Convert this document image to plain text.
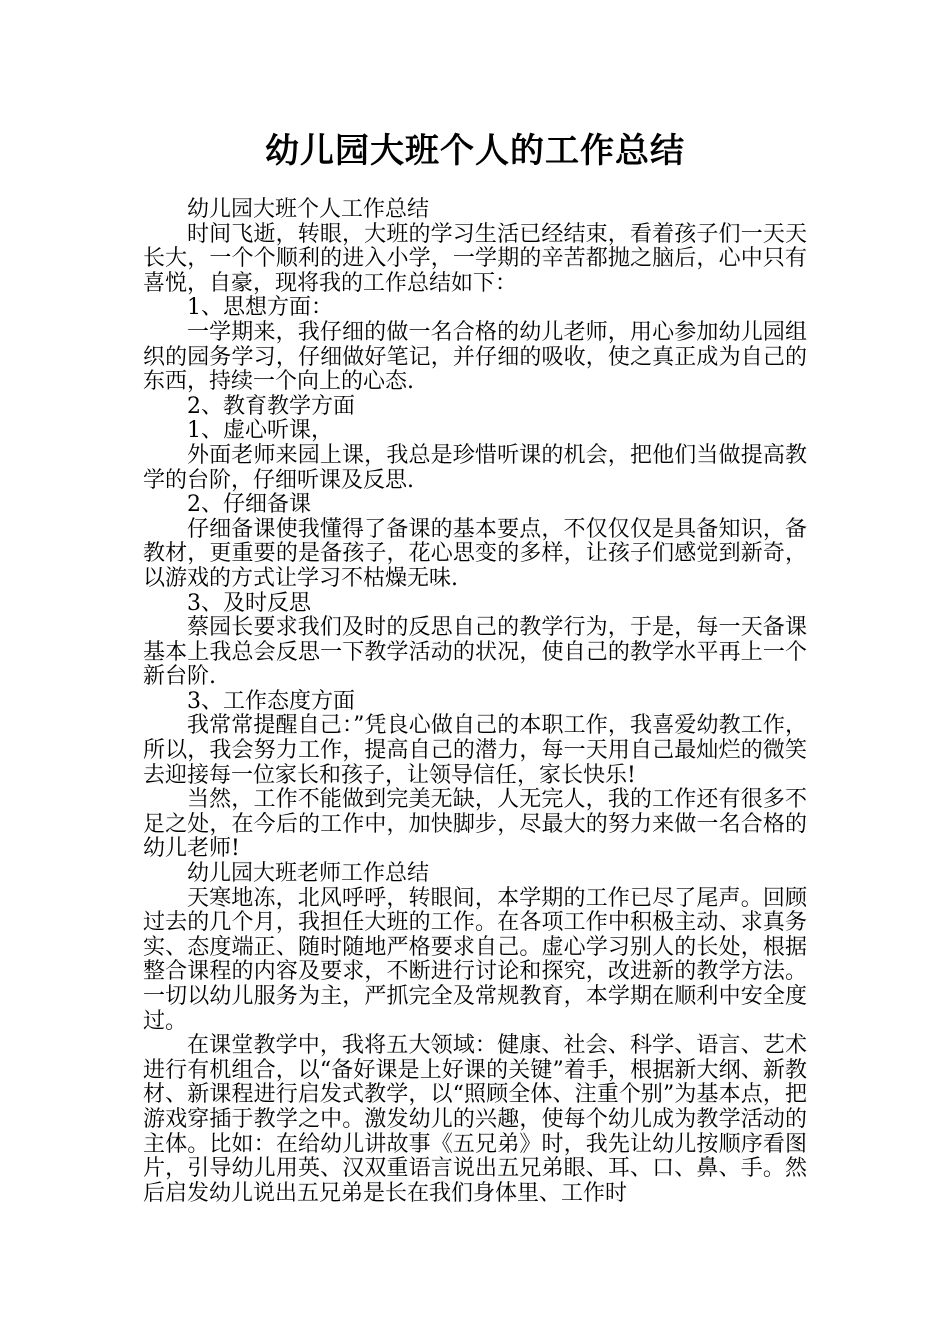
幼儿园大班个人的工作总结

幼儿园大班个人工作总结

时间飞逝，转眼，大班的学习生活已经结束，看着孩子们一天天长大，一个个顺利的进入小学，一学期的辛苦都抛之脑后，心中只有喜悦，自豪，现将我的工作总结如下：

1、思想方面：

一学期来，我仔细的做一名合格的幼儿老师，用心参加幼儿园组织的园务学习，仔细做好笔记，并仔细的吸收，使之真正成为自己的东西，持续一个向上的心态.

2、教育教学方面

1、虚心听课，

外面老师来园上课，我总是珍惜听课的机会，把他们当做提高教学的台阶，仔细听课及反思.

2、仔细备课

仔细备课使我懂得了备课的基本要点，不仅仅仅是具备知识，备教材，更重要的是备孩子，花心思变的多样，让孩子们感觉到新奇，以游戏的方式让学习不枯燥无味.

3、及时反思

蔡园长要求我们及时的反思自己的教学行为，于是，每一天备课基本上我总会反思一下教学活动的状况，使自己的教学水平再上一个新台阶.

3、工作态度方面

我常常提醒自己：”凭良心做自己的本职工作，我喜爱幼教工作，所以，我会努力工作，提高自己的潜力，每一天用自己最灿烂的微笑去迎接每一位家长和孩子，让领导信任，家长快乐!

当然，工作不能做到完美无缺，人无完人，我的工作还有很多不足之处，在今后的工作中，加快脚步，尽最大的努力来做一名合格的幼儿老师!

幼儿园大班老师工作总结

天寒地冻，北风呼呼，转眼间，本学期的工作已尽了尾声。回顾过去的几个月，我担任大班的工作。在各项工作中积极主动、求真务实、态度端正、随时随地严格要求自己。虚心学习别人的长处，根据整合课程的内容及要求，不断进行讨论和探究，改进新的教学方法。一切以幼儿服务为主，严抓完全及常规教育，本学期在顺利中安全度过。

在课堂教学中，我将五大领域：健康、社会、科学、语言、艺术进行有机组合，以“备好课是上好课的关键”着手，根据新大纲、新教材、新课程进行启发式教学，以“照顾全体、注重个别”为基本点，把游戏穿插于教学之中。激发幼儿的兴趣，使每个幼儿成为教学活动的主体。比如：在给幼儿讲故事《五兄弟》时，我先让幼儿按顺序看图片，引导幼儿用英、汉双重语言说出五兄弟眼、耳、口、鼻、手。然后启发幼儿说出五兄弟是长在我们身体里、工作时
